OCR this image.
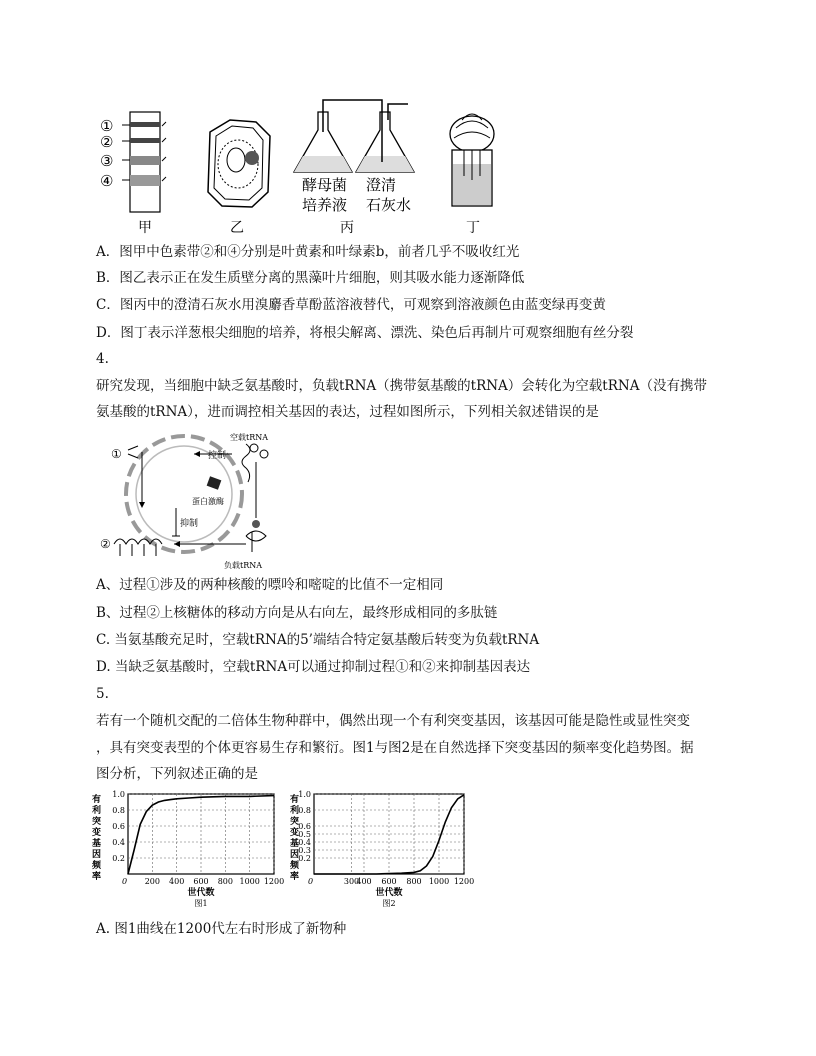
①
②
③
④
甲	乙
酵母菌
培养液
澄清
石灰水
丙	丁
A．图甲中色素带②和④分别是叶黄素和叶绿素b，前者几乎不吸收红光
B．图乙表示正在发生质壁分离的黑藻叶片细胞，则其吸水能力逐渐降低
C．图丙中的澄清石灰水用溴麝香草酚蓝溶液替代，可观察到溶液颜色由蓝变绿再变黄
D．图丁表示洋葱根尖细胞的培养，将根尖解离、漂洗、染色后再制片可观察细胞有丝分裂
4.
研究发现，当细胞中缺乏氨基酸时，负载tRNA（携带氨基酸的tRNA）会转化为空载tRNA（没有携带
氨基酸的tRNA），进而调控相关基因的表达，过程如图所示，下列相关叙述错误的是
①
空载tRNA
控制
蛋白激酶
抑制
②
负载tRNA
A、过程①涉及的两种核酸的嘌呤和嘧啶的比值不一定相同
B、过程②上核糖体的移动方向是从右向左，最终形成相同的多肽链
C. 当氨基酸充足时，空载tRNA的5’端结合特定氨基酸后转变为负载tRNA
D. 当缺乏氨基酸时，空载tRNA可以通过抑制过程①和②来抑制基因表达
5.
若有一个随机交配的二倍体生物种群中，偶然出现一个有利突变基因，该基因可能是隐性或显性突变
，具有突变表型的个体更容易生存和繁衍。图1与图2是在自然选择下突变基因的频率变化趋势图。据
图分析，下列叙述正确的是
有
利
突
变
基
因
频
率
0.2
0.4
0.6
0.8
1.0
200 400 600 800 1000 1200
0
世代数
图1
有
利
突
变
基
因
频
率
0.2
0.3
0.4
0.5
0.6
0.8
1.0
300
400 600 800 1000 1200
0
世代数
图2
A. 图1曲线在1200代左右时形成了新物种
